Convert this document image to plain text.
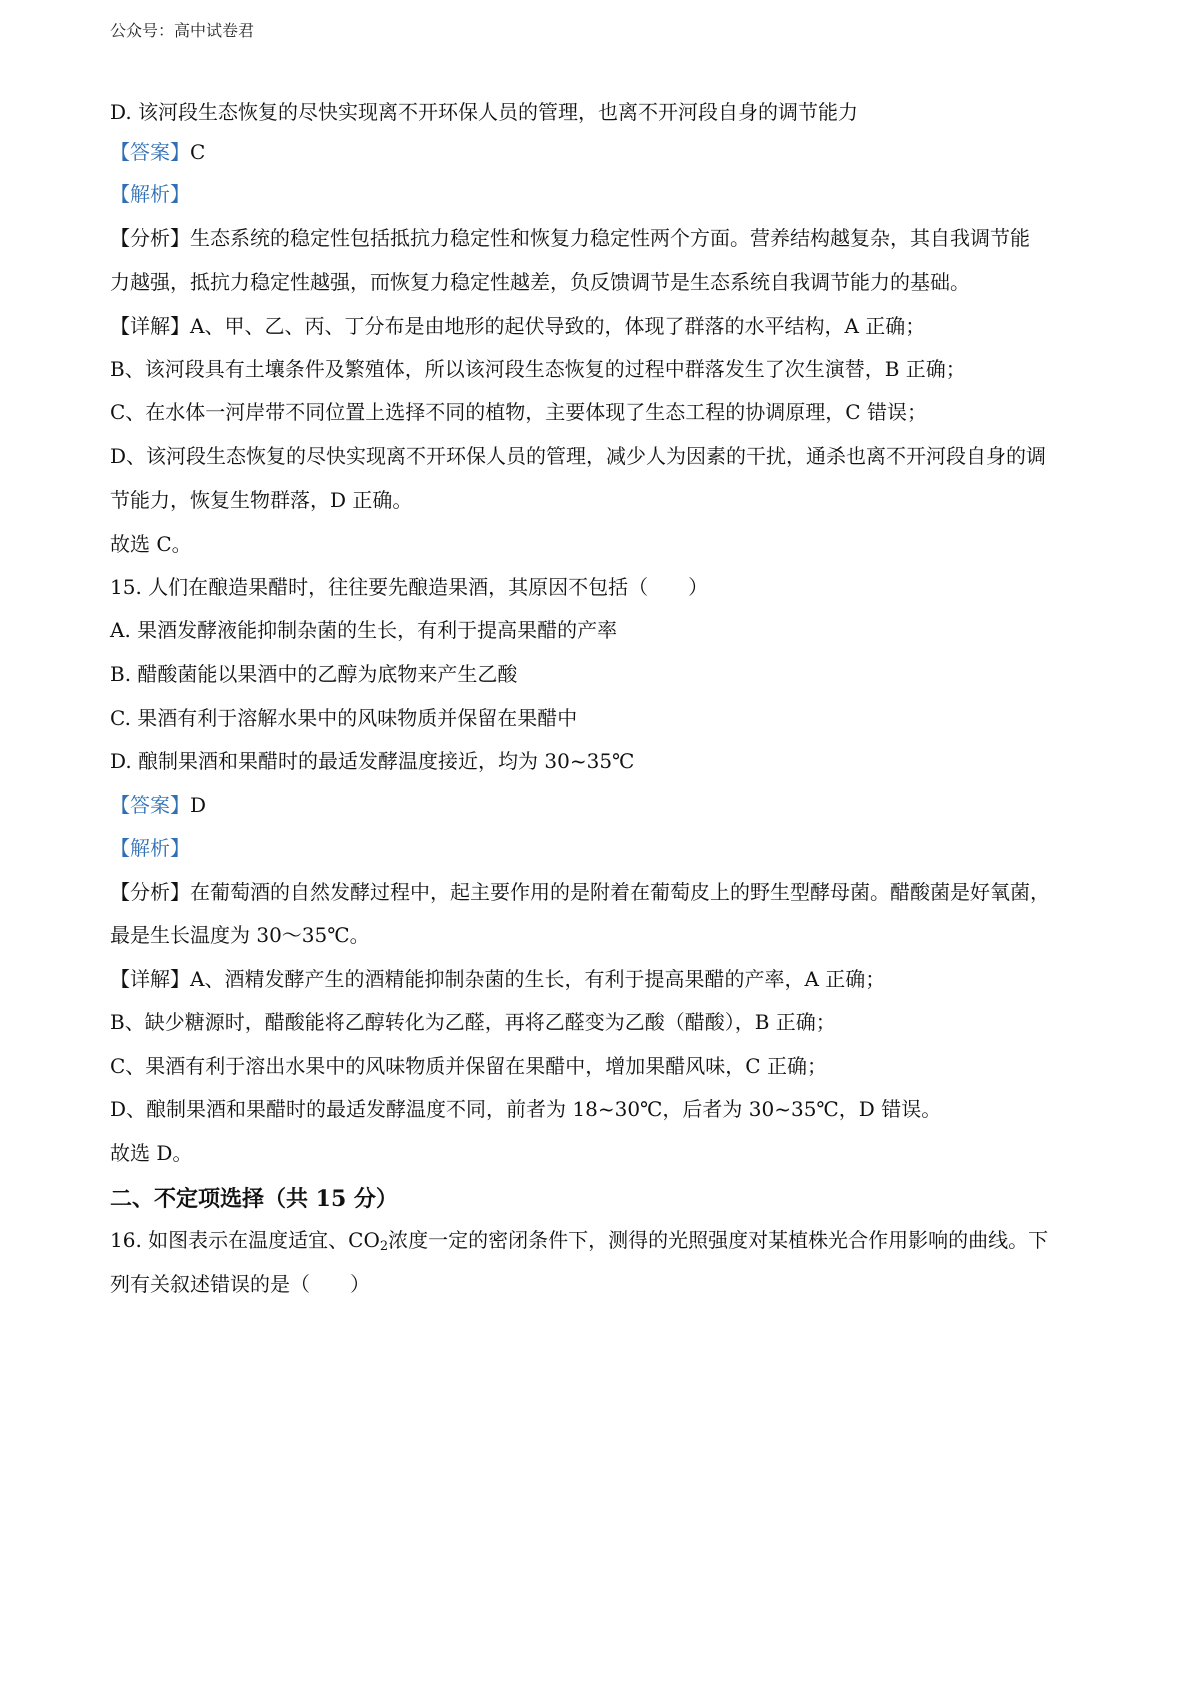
公众号：高中试卷君
D. 该河段生态恢复的尽快实现离不开环保人员的管理，也离不开河段自身的调节能力
【答案】C
【解析】
【分析】生态系统的稳定性包括抵抗力稳定性和恢复力稳定性两个方面。营养结构越复杂，其自我调节能
力越强，抵抗力稳定性越强，而恢复力稳定性越差，负反馈调节是生态系统自我调节能力的基础。
【详解】A、甲、乙、丙、丁分布是由地形的起伏导致的，体现了群落的水平结构，A 正确；
B、该河段具有土壤条件及繁殖体，所以该河段生态恢复的过程中群落发生了次生演替，B 正确；
C、在水体一河岸带不同位置上选择不同的植物，主要体现了生态工程的协调原理，C 错误；
D、该河段生态恢复的尽快实现离不开环保人员的管理，减少人为因素的干扰，通杀也离不开河段自身的调
节能力，恢复生物群落，D 正确。
故选 C。
15. 人们在酿造果醋时，往往要先酿造果酒，其原因不包括（　　）
A. 果酒发酵液能抑制杂菌的生长，有利于提高果醋的产率
B. 醋酸菌能以果酒中的乙醇为底物来产生乙酸
C. 果酒有利于溶解水果中的风味物质并保留在果醋中
D. 酿制果酒和果醋时的最适发酵温度接近，均为 30~35℃
【答案】D
【解析】
【分析】在葡萄酒的自然发酵过程中，起主要作用的是附着在葡萄皮上的野生型酵母菌。醋酸菌是好氧菌，
最是生长温度为 30～35℃。
【详解】A、酒精发酵产生的酒精能抑制杂菌的生长，有利于提高果醋的产率，A 正确；
B、缺少糖源时，醋酸能将乙醇转化为乙醛，再将乙醛变为乙酸（醋酸），B 正确；
C、果酒有利于溶出水果中的风味物质并保留在果醋中，增加果醋风味，C 正确；
D、酿制果酒和果醋时的最适发酵温度不同，前者为 18~30℃，后者为 30~35℃，D 错误。
故选 D。
二、不定项选择（共 15 分）
16. 如图表示在温度适宜、$CO_2$浓度一定的密闭条件下，测得的光照强度对某植株光合作用影响的曲线。下
列有关叙述错误的是（　　）
